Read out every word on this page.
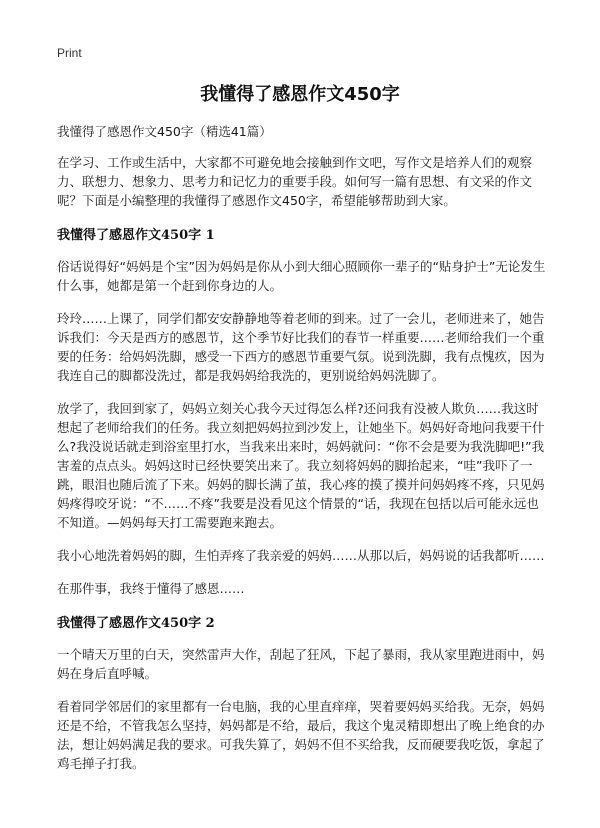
Print
我懂得了感恩作文450字

我懂得了感恩作文450字（精选41篇）

在学习、工作或生活中，大家都不可避免地会接触到作文吧，写作文是培养人们的观察力、联想力、想象力、思考力和记忆力的重要手段。如何写一篇有思想、有文采的作文呢？下面是小编整理的我懂得了感恩作文450字，希望能够帮助到大家。

我懂得了感恩作文450字 1

俗话说得好“妈妈是个宝”因为妈妈是你从小到大细心照顾你一辈子的“贴身护士”无论发生什么事，她都是第一个赶到你身边的人。

玲玲……上课了，同学们都安安静静地等着老师的到来。过了一会儿，老师进来了，她告诉我们：今天是西方的感恩节，这个季节好比我们的春节一样重要……老师给我们一个重要的任务：给妈妈洗脚，感受一下西方的感恩节重要气氛。说到洗脚，我有点愧疚，因为我连自己的脚都没洗过，都是我妈妈给我洗的，更别说给妈妈洗脚了。

放学了，我回到家了，妈妈立刻关心我今天过得怎么样?还问我有没被人欺负……我这时想起了老师给我们的任务。我立刻把妈妈拉到沙发上，让她坐下。妈妈好奇地问我要干什么?我没说话就走到浴室里打水，当我来出来时，妈妈就问：“你不会是要为我洗脚吧!”我害羞的点点头。妈妈这时已经快要笑出来了。我立刻将妈妈的脚抬起来，“哇”我吓了一跳，眼泪也随后流了下来。妈妈的脚长满了茧，我心疼的摸了摸并问妈妈疼不疼，只见妈妈疼得咬牙说：“不……不疼”我要是没看见这个情景的“话，我现在包括以后可能永远也不知道。—妈妈每天打工需要跑来跑去。

我小心地洗着妈妈的脚，生怕弄疼了我亲爱的妈妈……从那以后，妈妈说的话我都听……

在那件事，我终于懂得了感恩……

我懂得了感恩作文450字 2

一个晴天万里的白天，突然雷声大作，刮起了狂风，下起了暴雨，我从家里跑进雨中，妈妈在身后直呼喊。

看着同学邻居们的家里都有一台电脑，我的心里直痒痒，哭着要妈妈买给我。无奈，妈妈还是不给，不管我怎么坚持，妈妈都是不给，最后，我这个鬼灵精即想出了晚上绝食的办法，想让妈妈满足我的要求。可我失算了，妈妈不但不买给我，反而硬要我吃饭，拿起了鸡毛掸子打我。
